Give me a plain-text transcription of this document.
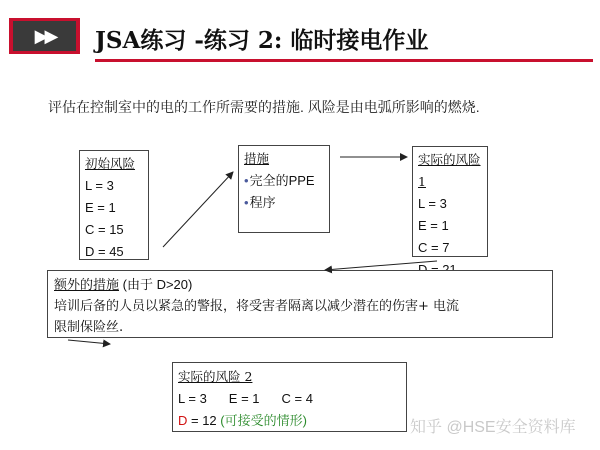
▶▶	JSA练习 -练习 2: 临时接电作业
评估在控制室中的电的工作所需要的措施. 风险是由电弧所影响的燃烧.
初始风险
L = 3
E = 1
C = 15
D = 45
措施
•完全的PPE
•程序
实际的风险1
L = 3
E = 1
C = 7
额外的措施 (由于 D>20)
培训后备的人员以紧急的警报，将受害者隔离以减少潜在的伤害+ 电流
限制保险丝.
实际的风险 2
L = 3 E = 1 C = 4
D = 12 (可接受的情形)	知乎 @HSE安全资料库
